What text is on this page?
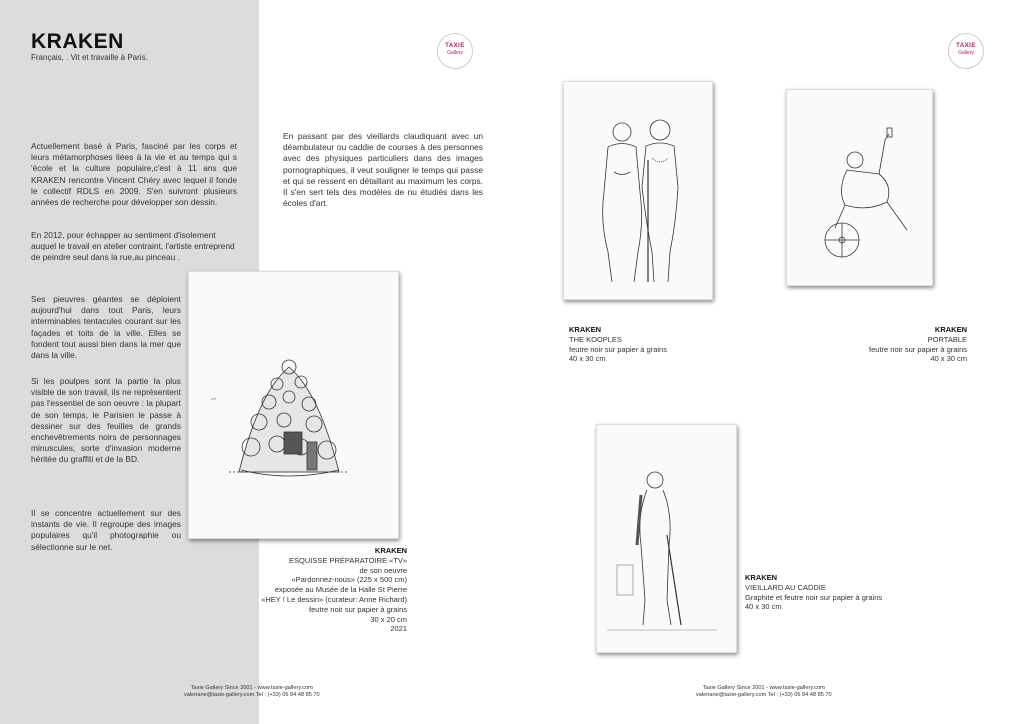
KRAKEN
Français, . Vit et travaille à Paris.
TAXIE
Gallery
TAXIE
Gallery

Actuellement basé à Paris, fasciné par les corps et leurs métamorphoses liées à la vie et au temps qui s 'école et la culture populaire,c'est à 11 ans que KRAKEN rencontre Vincent Chéry avec lequel il fonde le collectif RDLS en 2009. S'en suivront plusieurs années de recherche pour développer son dessin.

En 2012, pour échapper au sentiment d'isolement auquel le travail en atelier contraint, l'artiste entreprend de peindre seul dans la rue,au pinceau .

Ses pieuvres géantes se déploient aujourd'hui dans tout Paris, leurs interminables tentacules courant sur les façades et toits de la ville. Elles se fondent tout aussi bien dans la mer que dans la ville.

Si les poulpes sont la partie la plus visible de son travail, ils ne représentent pas l'essentiel de son oeuvre : la plupart de son temps, le Parisien le passe à dessiner sur des feuilles de grands enchevêtrements noirs de personnages minuscules, sorte d'invasion moderne héritée du graffiti et de la BD.

Il se concentre actuellement sur des instants de vie. Il regroupe des images populaires qu'il photographie ou sélectionne sur le net.

En passant par des vieillards claudiquant avec un déambulateur ou caddie de courses à des personnes avec des physiques particuliers dans des images pornographiques, il veut souligner le temps qui passe et qui se ressent en détaillant au maximum les corps. Il s'en sert tels des modèles de nu étudiés dans les écoles d'art.

~
KRAKEN
ESQUISSE PRÉPARATOIRE «TV»
de son oeuvre
«Pardonnez-nous» (225 x 500 cm)
exposée au Musée de la Halle St Pierre
«HEY ! Le dessin» (curateur: Anne Richard)
feutre noir sur papier à grains
30 x 20 cm
2021
KRAKEN
THE KOOPLES
feutre noir sur papier à grains
40 x 30 cm
KRAKEN
PORTABLE
feutre noir sur papier à grains
40 x 30 cm
KRAKEN
VIEILLARD AU CADDIE
Graphite et feutre noir sur papier à grains
40 x 30 cm
Taxie Gallery Since 2001 - www.taxie-gallery.com
valeriane@taxie-gallery.com Tel : (+33) 06 84 48 85 70
Taxie Gallery Since 2001 - www.taxie-gallery.com
valeriane@taxie-gallery.com Tel : (+33) 06 84 48 85 70
